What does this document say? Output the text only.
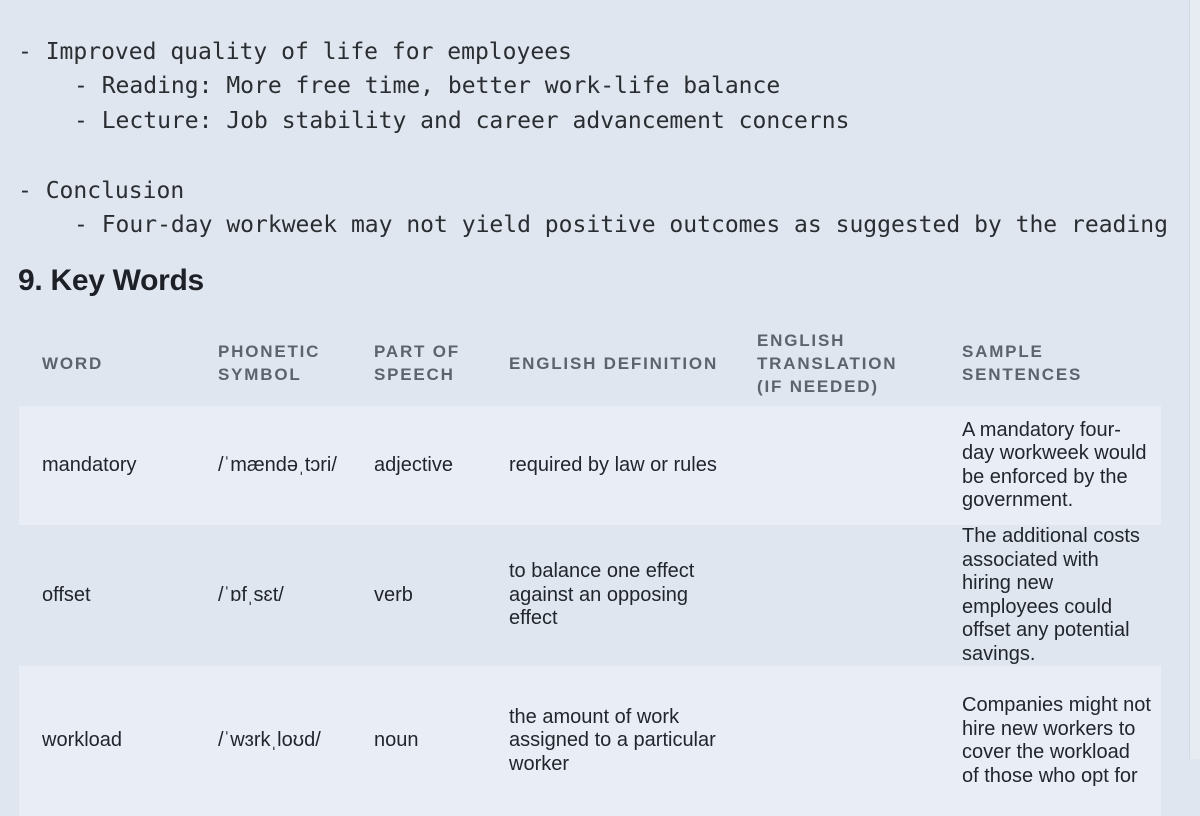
- Improved quality of life for employees

- Reading: More free time, better work-life balance

- Lecture: Job stability and career advancement concerns

- Conclusion

- Four-day workweek may not yield positive outcomes as suggested by the reading

9. Key Words
WORD	PHONETIC SYMBOL	PART OF SPEECH	ENGLISH DEFINITION	ENGLISH TRANSLATION (IF NEEDED)	SAMPLE SENTENCES
mandatory	/ˈmændəˌtɔri/	adjective	required by law or rules		A mandatory four-day workweek would be enforced by the government.
offset	/ˈɒfˌsɛt/	verb	to balance one effect against an opposing effect		The additional costs associated with hiring new employees could offset any potential savings.
workload	/ˈwɜrkˌloʊd/	noun	the amount of work assigned to a particular worker		Companies might not hire new workers to cover the workload of those who opt for
